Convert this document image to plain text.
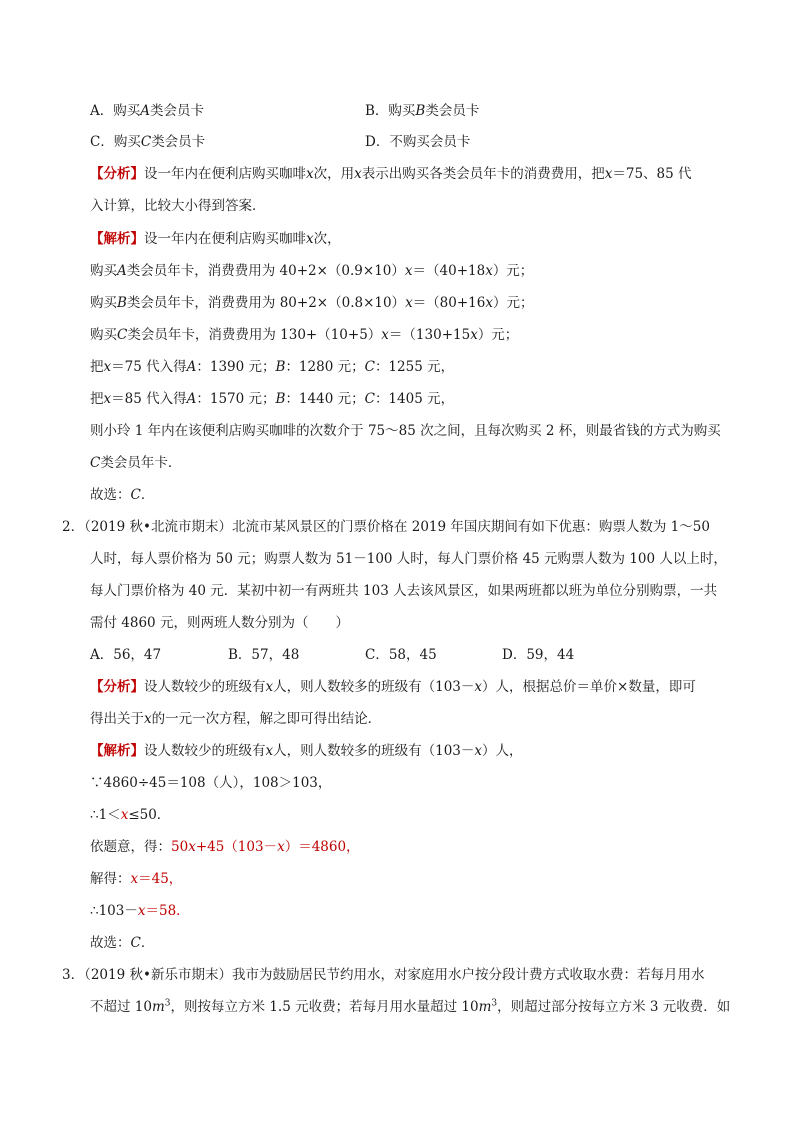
A．购买A类会员卡	B．购买B类会员卡
C．购买C类会员卡	D．不购买会员卡
【分析】设一年内在便利店购买咖啡x次，用x表示出购买各类会员年卡的消费费用，把x＝75、85 代
入计算，比较大小得到答案．
【解析】设一年内在便利店购买咖啡x次，
购买A类会员年卡，消费费用为 40+2×（0.9×10）x＝（40+18x）元；
购买B类会员年卡，消费费用为 80+2×（0.8×10）x＝（80+16x）元；
购买C类会员年卡，消费费用为 130+（10+5）x＝（130+15x）元；
把x＝75 代入得A：1390 元；B：1280 元；C：1255 元，
把x＝85 代入得A：1570 元；B：1440 元；C：1405 元，
则小玲 1 年内在该便利店购买咖啡的次数介于 75～85 次之间，且每次购买 2 杯，则最省钱的方式为购买
C类会员年卡．
故选：C．
2．（2019 秋•北流市期末）北流市某风景区的门票价格在 2019 年国庆期间有如下优惠：购票人数为 1～50
人时，每人票价格为 50 元；购票人数为 51－100 人时，每人门票价格 45 元购票人数为 100 人以上时，
每人门票价格为 40 元．某初中初一有两班共 103 人去该风景区，如果两班都以班为单位分别购票，一共
需付 4860 元，则两班人数分别为（　　）
A．56，47	B．57，48	C．58，45	D．59，44
【分析】设人数较少的班级有x人，则人数较多的班级有（103－x）人，根据总价＝单价×数量，即可
得出关于x的一元一次方程，解之即可得出结论．
【解析】设人数较少的班级有x人，则人数较多的班级有（103－x）人，
∵4860÷45＝108（人），108＞103，
∴1＜x≤50．
依题意，得：50x+45（103－x）＝4860，
解得：x＝45，
∴103－x＝58．
故选：C．
3．（2019 秋•新乐市期末）我市为鼓励居民节约用水，对家庭用水户按分段计费方式收取水费：若每月用水
不超过 $10m^3$，则按每立方米 1.5 元收费；若每月用水量超过 $10m^3$，则超过部分按每立方米 3 元收费．如
